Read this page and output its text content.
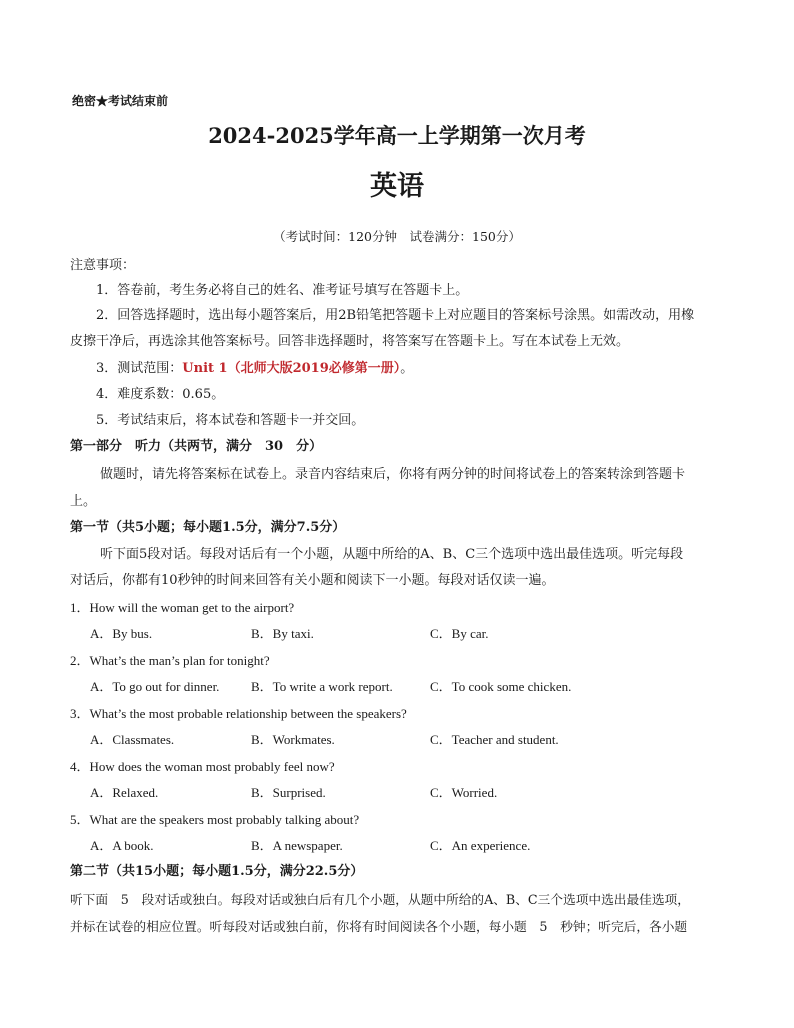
绝密★考试结束前
2024-2025学年高一上学期第一次月考
英语
（考试时间：120分钟　试卷满分：150分）
注意事项：
1．答卷前，考生务必将自己的姓名、准考证号填写在答题卡上。
2．回答选择题时，选出每小题答案后，用2B铅笔把答题卡上对应题目的答案标号涂黑。如需改动，用橡
皮擦干净后，再选涂其他答案标号。回答非选择题时，将答案写在答题卡上。写在本试卷上无效。
3．测试范围：Unit 1（北师大版2019必修第一册）。
4．难度系数：0.65。
5．考试结束后，将本试卷和答题卡一并交回。
第一部分　听力（共两节，满分　30　分）
做题时，请先将答案标在试卷上。录音内容结束后，你将有两分钟的时间将试卷上的答案转涂到答题卡
上。
第一节（共5小题；每小题1.5分，满分7.5分）
听下面5段对话。每段对话后有一个小题，从题中所给的A、B、C三个选项中选出最佳选项。听完每段
对话后，你都有10秒钟的时间来回答有关小题和阅读下一小题。每段对话仅读一遍。
1．How will the woman get to the airport?
A．By bus.	B．By taxi.	C．By car.
2．What’s the man’s plan for tonight?
A．To go out for dinner. B．To write a work report.	C．To cook some chicken.
3．What’s the most probable relationship between the speakers?
A．Classmates.	B．Workmates.	C．Teacher and student.
4．How does the woman most probably feel now?
A．Relaxed.	B．Surprised.	C．Worried.
5．What are the speakers most probably talking about?
A．A book.	B．A newspaper.	C．An experience.
第二节（共15小题；每小题1.5分，满分22.5分）
听下面　5　段对话或独白。每段对话或独白后有几个小题，从题中所给的A、B、C三个选项中选出最佳选项，
并标在试卷的相应位置。听每段对话或独白前，你将有时间阅读各个小题，每小题　5　秒钟；听完后，各小题
